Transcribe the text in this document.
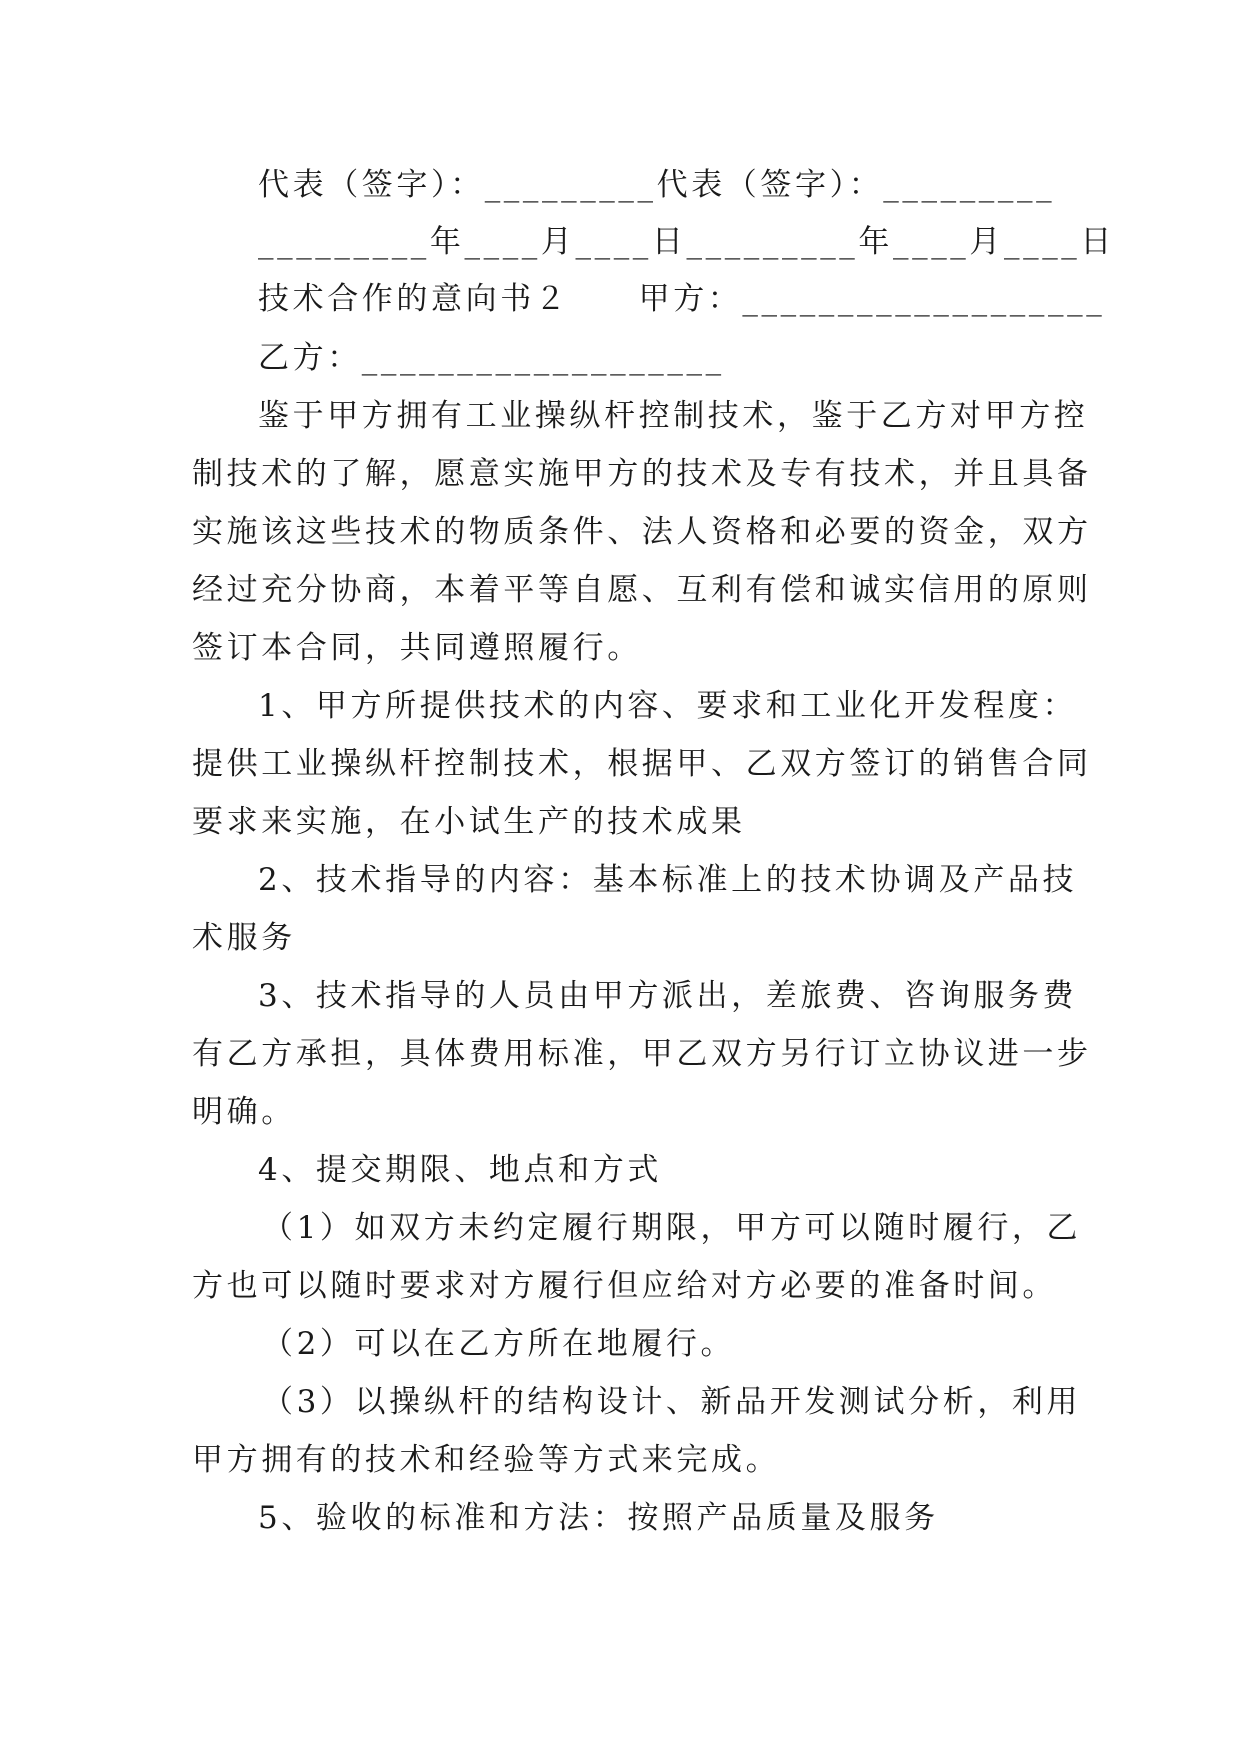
代表（签字）：_________代表（签字）：_________
_________年____月____日_________年____月____日
技术合作的意向书２　　甲方：___________________
乙方：___________________
鉴于甲方拥有工业操纵杆控制技术，鉴于乙方对甲方控
制技术的了解，愿意实施甲方的技术及专有技术，并且具备
实施该这些技术的物质条件、法人资格和必要的资金，双方
经过充分协商，本着平等自愿、互利有偿和诚实信用的原则
签订本合同，共同遵照履行。
1、甲方所提供技术的内容、要求和工业化开发程度：
提供工业操纵杆控制技术，根据甲、乙双方签订的销售合同
要求来实施，在小试生产的技术成果
2、技术指导的内容：基本标准上的技术协调及产品技
术服务
3、技术指导的人员由甲方派出，差旅费、咨询服务费
有乙方承担，具体费用标准，甲乙双方另行订立协议进一步
明确。
4、提交期限、地点和方式
（1）如双方未约定履行期限，甲方可以随时履行，乙
方也可以随时要求对方履行但应给对方必要的准备时间。
（2）可以在乙方所在地履行。
（3）以操纵杆的结构设计、新品开发测试分析，利用
甲方拥有的技术和经验等方式来完成。
5、验收的标准和方法：按照产品质量及服务
